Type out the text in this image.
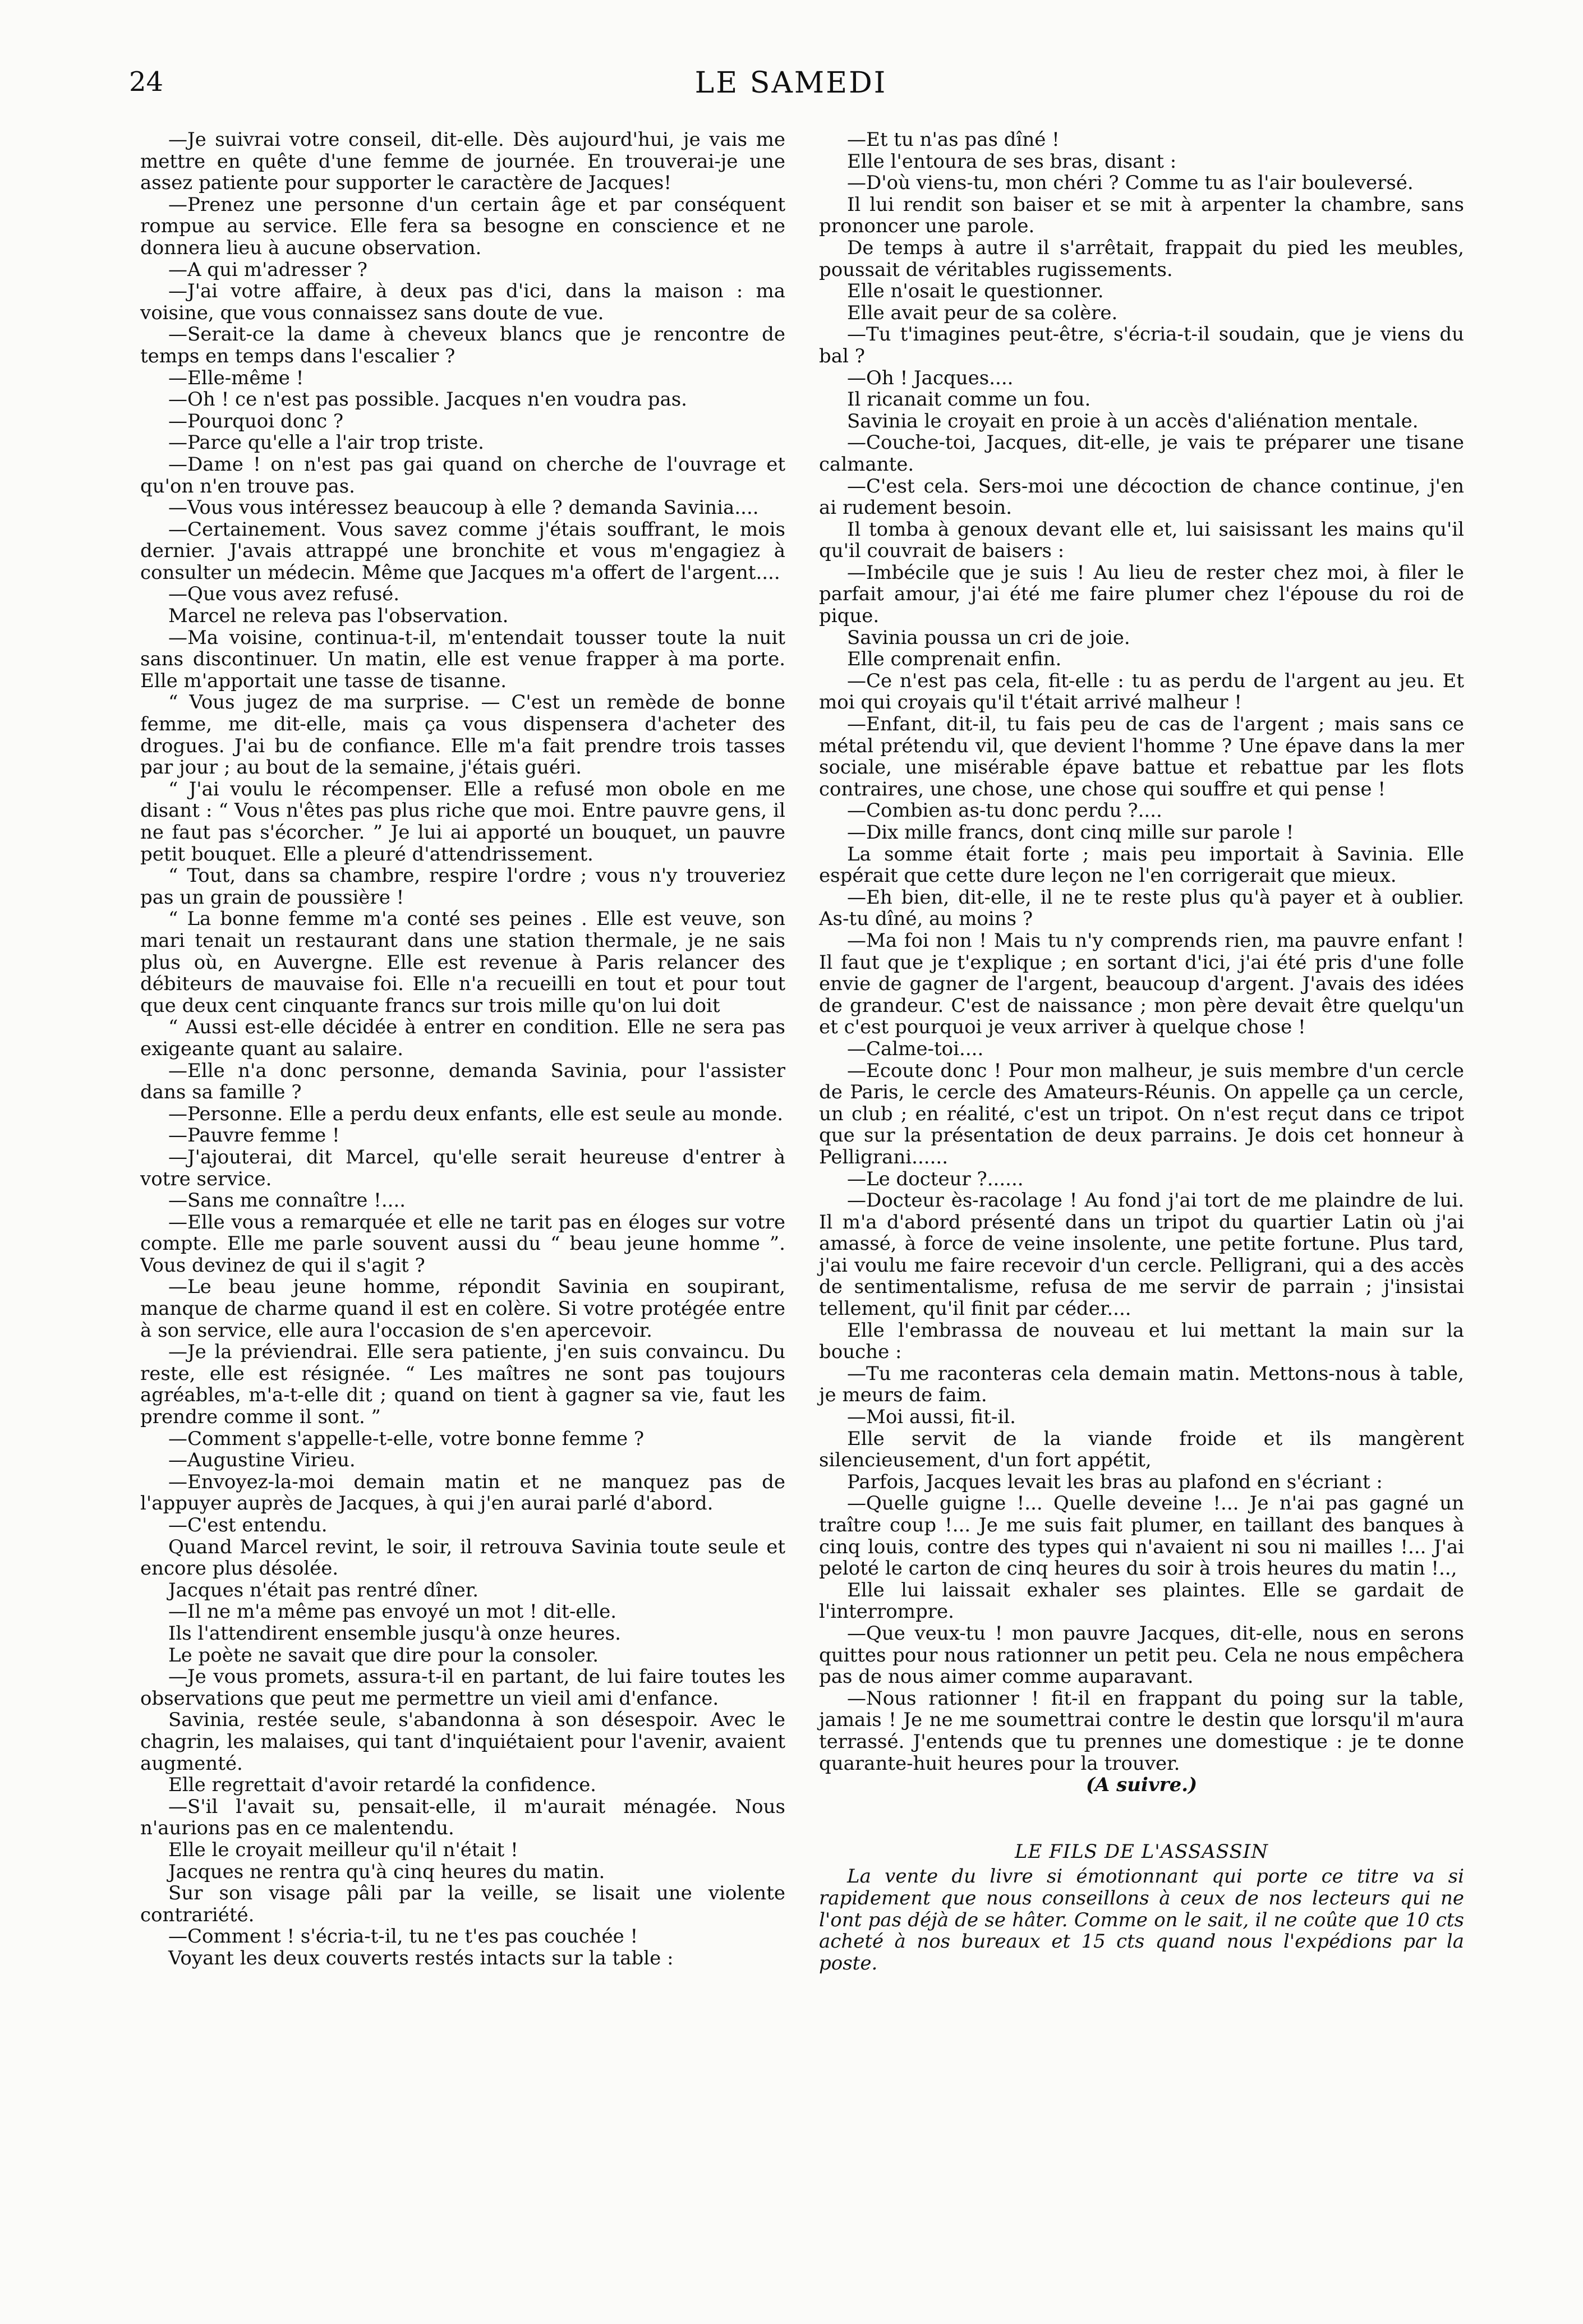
24	LE SAMEDI

—Je suivrai votre conseil, dit-elle. Dès aujourd'hui, je vais me mettre en quête d'une femme de journée. En trouverai-je une assez patiente pour supporter le caractère de Jacques!

—Prenez une personne d'un certain âge et par conséquent rompue au service. Elle fera sa besogne en conscience et ne donnera lieu à aucune observation.

—A qui m'adresser ?

—J'ai votre affaire, à deux pas d'ici, dans la maison : ma voisine, que vous connaissez sans doute de vue.

—Serait-ce la dame à cheveux blancs que je rencontre de temps en temps dans l'escalier ?

—Elle-même !

—Oh ! ce n'est pas possible. Jacques n'en voudra pas.

—Pourquoi donc ?

—Parce qu'elle a l'air trop triste.

—Dame ! on n'est pas gai quand on cherche de l'ouvrage et qu'on n'en trouve pas.

—Vous vous intéressez beaucoup à elle ? demanda Savinia....

—Certainement. Vous savez comme j'étais souffrant, le mois dernier. J'avais attrappé une bronchite et vous m'engagiez à consulter un médecin. Même que Jacques m'a offert de l'argent....

—Que vous avez refusé.

Marcel ne releva pas l'observation.

—Ma voisine, continua-t-il, m'entendait tousser toute la nuit sans discontinuer. Un matin, elle est venue frapper à ma porte. Elle m'apportait une tasse de tisanne.

“ Vous jugez de ma surprise. — C'est un remède de bonne femme, me dit-elle, mais ça vous dispensera d'acheter des drogues. J'ai bu de confiance. Elle m'a fait prendre trois tasses par jour ; au bout de la semaine, j'étais guéri.

“ J'ai voulu le récompenser. Elle a refusé mon obole en me disant : “ Vous n'êtes pas plus riche que moi. Entre pauvre gens, il ne faut pas s'écorcher. ” Je lui ai apporté un bouquet, un pauvre petit bouquet. Elle a pleuré d'attendrissement.

“ Tout, dans sa chambre, respire l'ordre ; vous n'y trouveriez pas un grain de poussière !

“ La bonne femme m'a conté ses peines . Elle est veuve, son mari tenait un restaurant dans une station thermale, je ne sais plus où, en Auvergne. Elle est revenue à Paris relancer des débiteurs de mauvaise foi. Elle n'a recueilli en tout et pour tout que deux cent cinquante francs sur trois mille qu'on lui doit

“ Aussi est-elle décidée à entrer en condition. Elle ne sera pas exigeante quant au salaire.

—Elle n'a donc personne, demanda Savinia, pour l'assister dans sa famille ?

—Personne. Elle a perdu deux enfants, elle est seule au monde.

—Pauvre femme !

—J'ajouterai, dit Marcel, qu'elle serait heureuse d'entrer à votre service.

—Sans me connaître !....

—Elle vous a remarquée et elle ne tarit pas en éloges sur votre compte. Elle me parle souvent aussi du “ beau jeune homme ”. Vous devinez de qui il s'agit ?

—Le beau jeune homme, répondit Savinia en soupirant, manque de charme quand il est en colère. Si votre protégée entre à son service, elle aura l'occasion de s'en apercevoir.

—Je la préviendrai. Elle sera patiente, j'en suis convaincu. Du reste, elle est résignée. “ Les maîtres ne sont pas toujours agréables, m'a-t-elle dit ; quand on tient à gagner sa vie, faut les prendre comme il sont. ”

—Comment s'appelle-t-elle, votre bonne femme ?

—Augustine Virieu.

—Envoyez-la-moi demain matin et ne manquez pas de l'appuyer auprès de Jacques, à qui j'en aurai parlé d'abord.

—C'est entendu.

Quand Marcel revint, le soir, il retrouva Savinia toute seule et encore plus désolée.

Jacques n'était pas rentré dîner.

—Il ne m'a même pas envoyé un mot ! dit-elle.

Ils l'attendirent ensemble jusqu'à onze heures.

Le poète ne savait que dire pour la consoler.

—Je vous promets, assura-t-il en partant, de lui faire toutes les observations que peut me permettre un vieil ami d'enfance.

Savinia, restée seule, s'abandonna à son désespoir. Avec le chagrin, les malaises, qui tant d'inquiétaient pour l'avenir, avaient augmenté.

Elle regrettait d'avoir retardé la confidence.

—S'il l'avait su, pensait-elle, il m'aurait ménagée. Nous n'aurions pas en ce malentendu.

Elle le croyait meilleur qu'il n'était !

Jacques ne rentra qu'à cinq heures du matin.

Sur son visage pâli par la veille, se lisait une violente contrariété.

—Comment ! s'écria-t-il, tu ne t'es pas couchée !

Voyant les deux couverts restés intacts sur la table :

—Et tu n'as pas dîné !

Elle l'entoura de ses bras, disant :

—D'où viens-tu, mon chéri ? Comme tu as l'air bouleversé.

Il lui rendit son baiser et se mit à arpenter la chambre, sans prononcer une parole.

De temps à autre il s'arrêtait, frappait du pied les meubles, poussait de véritables rugissements.

Elle n'osait le questionner.

Elle avait peur de sa colère.

—Tu t'imagines peut-être, s'écria-t-il soudain, que je viens du bal ?

—Oh ! Jacques....

Il ricanait comme un fou.

Savinia le croyait en proie à un accès d'aliénation mentale.

—Couche-toi, Jacques, dit-elle, je vais te préparer une tisane calmante.

—C'est cela. Sers-moi une décoction de chance continue, j'en ai rudement besoin.

Il tomba à genoux devant elle et, lui saisissant les mains qu'il qu'il couvrait de baisers :

—Imbécile que je suis ! Au lieu de rester chez moi, à filer le parfait amour, j'ai été me faire plumer chez l'épouse du roi de pique.

Savinia poussa un cri de joie.

Elle comprenait enfin.

—Ce n'est pas cela, fit-elle : tu as perdu de l'argent au jeu. Et moi qui croyais qu'il t'était arrivé malheur !

—Enfant, dit-il, tu fais peu de cas de l'argent ; mais sans ce métal prétendu vil, que devient l'homme ? Une épave dans la mer sociale, une misérable épave battue et rebattue par les flots contraires, une chose, une chose qui souffre et qui pense !

—Combien as-tu donc perdu ?....

—Dix mille francs, dont cinq mille sur parole !

La somme était forte ; mais peu importait à Savinia. Elle espérait que cette dure leçon ne l'en corrigerait que mieux.

—Eh bien, dit-elle, il ne te reste plus qu'à payer et à oublier. As-tu dîné, au moins ?

—Ma foi non ! Mais tu n'y comprends rien, ma pauvre enfant ! Il faut que je t'explique ; en sortant d'ici, j'ai été pris d'une folle envie de gagner de l'argent, beaucoup d'argent. J'avais des idées de grandeur. C'est de naissance ; mon père devait être quelqu'un et c'est pourquoi je veux arriver à quelque chose !

—Calme-toi....

—Ecoute donc ! Pour mon malheur, je suis membre d'un cercle de Paris, le cercle des Amateurs-Réunis. On appelle ça un cercle, un club ; en réalité, c'est un tripot. On n'est reçut dans ce tripot que sur la présentation de deux parrains. Je dois cet honneur à Pelligrani......

—Le docteur ?......

—Docteur ès-racolage ! Au fond j'ai tort de me plaindre de lui. Il m'a d'abord présenté dans un tripot du quartier Latin où j'ai amassé, à force de veine insolente, une petite fortune. Plus tard, j'ai voulu me faire recevoir d'un cercle. Pelligrani, qui a des accès de sentimentalisme, refusa de me servir de parrain ; j'insistai tellement, qu'il finit par céder....

Elle l'embrassa de nouveau et lui mettant la main sur la bouche :

—Tu me raconteras cela demain matin. Mettons-nous à table, je meurs de faim.

—Moi aussi, fit-il.

Elle servit de la viande froide et ils mangèrent silencieusement, d'un fort appétit,

Parfois, Jacques levait les bras au plafond en s'écriant :

—Quelle guigne !... Quelle deveine !... Je n'ai pas gagné un traître coup !... Je me suis fait plumer, en taillant des banques à cinq louis, contre des types qui n'avaient ni sou ni mailles !... J'ai peloté le carton de cinq heures du soir à trois heures du matin !..,

Elle lui laissait exhaler ses plaintes. Elle se gardait de l'interrompre.

—Que veux-tu ! mon pauvre Jacques, dit-elle, nous en serons quittes pour nous rationner un petit peu. Cela ne nous empêchera pas de nous aimer comme auparavant.

—Nous rationner ! fit-il en frappant du poing sur la table, jamais ! Je ne me soumettrai contre le destin que lorsqu'il m'aura terrassé. J'entends que tu prennes une domestique : je te donne quarante-huit heures pour la trouver.

(A suivre.)

LE FILS DE L'ASSASSIN
La vente du livre si émotionnant qui porte ce titre va si rapidement que nous conseillons à ceux de nos lecteurs qui ne l'ont pas déjà de se hâter. Comme on le sait, il ne coûte que 10 cts acheté à nos bureaux et 15 cts quand nous l'expédions par la poste.
